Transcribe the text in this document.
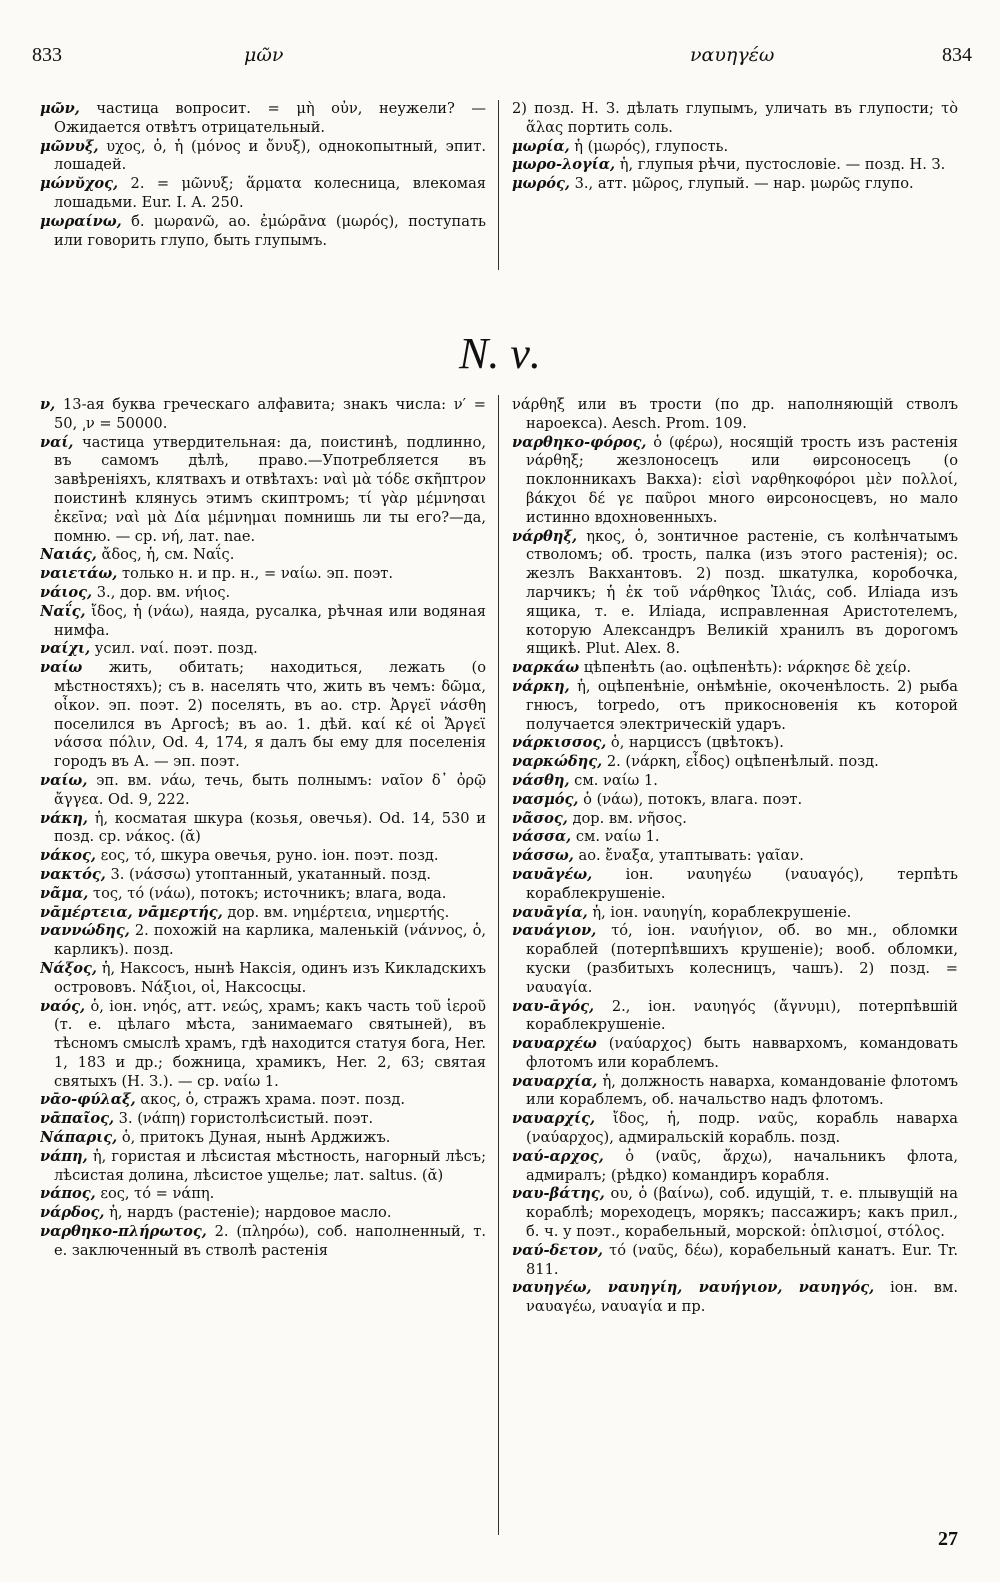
833	μῶν	ναυηγέω	834

μῶν, частица вопросит. = μὴ οὖν, неужели? — Ожидается отвѣтъ отрицательный.

μῶνυξ, υχος, ὁ, ἡ (μόνος и ὄνυξ), однокопытный, эпит. лошадей.

μώνῠχος, 2. = μῶνυξ; ἅρματα колесница, влекомая лошадьми. Eur. I. A. 250.

μωραίνω, б. μωρανῶ, ао. ἐμώρᾱνα (μωρός), поступать или говорить глупо, быть глупымъ.

2) позд. Н. З. дѣлать глупымъ, уличать въ глупости; τὸ ἅλας портить соль.

μωρία, ἡ (μωρός), глупость.

μωρο-λογία, ἡ, глупыя рѣчи, пустословіе. — позд. Н. З.

μωρός, 3., атт. μῶρος, глупый. — нар. μωρῶς глупо.

N. ν.

ν, 13-ая буква греческаго алфавита; знакъ числа: ν′ = 50, ͵ν = 50000.

ναί, частица утвердительная: да, поистинѣ, подлинно, въ самомъ дѣлѣ, право.—Употребляется въ завѣреніяхъ, клятвахъ и отвѣтахъ: ναὶ μὰ τόδε σκῆπτρον поистинѣ клянусь этимъ скиптромъ; τί γὰρ μέμνησαι ἐκεῖνα; ναὶ μὰ Δία μέμνημαι помнишь ли ты его?—да, помню. — ср. νή, лат. nae.

Ναιάς, ἄδος, ἡ, см. Ναΐς.

ναιετάω, только н. и пр. н., = ναίω. эп. поэт.

νάιος, 3., дор. вм. νήιος.

Ναΐς, ἴδος, ἡ (νάω), наяда, русалка, рѣчная или водяная нимфа.

ναίχι, усил. ναί. поэт. позд.

ναίω жить, обитать; находиться, лежать (о мѣстностяхъ); съ в. населять что, жить въ чемъ: δῶμα, οἶκον. эп. поэт. 2) поселять, въ ао. стр. Ἀργεϊ νάσθη поселился въ Аргосѣ; въ ао. 1. дѣй. καί κέ οἱ Ἄργεϊ νάσσα πόλιν, Od. 4, 174, я далъ бы ему для поселенія городъ въ А. — эп. поэт.

ναίω, эп. вм. νάω, течь, быть полнымъ: ναῖον δ᾽ ὀρῷ ἄγγεα. Od. 9, 222.

νάκη, ἡ, косматая шкура (козья, овечья). Od. 14, 530 и позд. ср. νάκος. (ᾰ)

νάκος, εος, τό, шкура овечья, руно. іон. поэт. позд.

νακτός, 3. (νάσσω) утоптанный, укатанный. позд.

νᾶμα, τος, τό (νάω), потокъ; источникъ; влага, вода.

νᾱμέρτεια, νᾱμερτής, дор. вм. νημέρτεια, νημερτής.

ναννώδης, 2. похожій на карлика, маленькій (νάννος, ὁ, карликъ). позд.

Νάξος, ἡ, Наксосъ, нынѣ Наксія, одинъ изъ Кикладскихъ острововъ. Νάξιοι, οἱ, Наксосцы.

ναός, ὁ, іон. νηός, атт. νεώς, храмъ; какъ часть τοῦ ἱεροῦ (т. е. цѣлаго мѣста, занимаемаго святыней), въ тѣсномъ смыслѣ храмъ, гдѣ находится статуя бога, Her. 1, 183 и др.; божница, храмикъ, Her. 2, 63; святая святыхъ (Н. З.). — ср. ναίω 1.

νᾱο-φύλαξ, ακος, ὁ, стражъ храма. поэт. позд.

νᾱπαῖος, 3. (νάπη) гористолѣсистый. поэт.

Νάπαρις, ὁ, притокъ Дуная, нынѣ Арджижъ.

νάπη, ἡ, гористая и лѣсистая мѣстность, нагорный лѣсъ; лѣсистая долина, лѣсистое ущелье; лат. saltus. (ᾰ)

νάπος, εος, τό = νάπη.

νάρδος, ἡ, нардъ (растеніе); нардовое масло.

ναρθηκο-πλήρωτος, 2. (πληρόω), соб. наполненный, т. е. заключенный въ стволѣ растенія

νάρθηξ или въ трости (по др. наполняющій стволъ нароекса). Aesch. Prom. 109.

ναρθηκο-φόρος, ὁ (φέρω), носящій трость изъ растенія νάρθηξ; жезлоносецъ или ѳирсоносецъ (о поклонникахъ Вакха): εἰσὶ ναρθηκοφόροι μὲν πολλοί, βάκχοι δέ γε παῦροι много ѳирсоносцевъ, но мало истинно вдохновенныхъ.

νάρθηξ, ηκος, ὁ, зонтичное растеніе, съ колѣнчатымъ стволомъ; об. трость, палка (изъ этого растенія); ос. жезлъ Вакхантовъ. 2) позд. шкатулка, коробочка, ларчикъ; ἡ ἐκ τοῦ νάρθηκος Ἰλιάς, соб. Иліада изъ ящика, т. е. Иліада, исправленная Аристотелемъ, которую Александръ Великій хранилъ въ дорогомъ ящикѣ. Plut. Alex. 8.

ναρκάω цѣпенѣть (ао. оцѣпенѣть): νάρκησε δὲ χείρ.

νάρκη, ἡ, оцѣпенѣніе, онѣмѣніе, окоченѣлость. 2) рыба гнюсъ, torpedo, отъ прикосновенія къ которой получается электрическій ударъ.

νάρκισσος, ὁ, нарциссъ (цвѣтокъ).

ναρκώδης, 2. (νάρκη, εἶδος) оцѣпенѣлый. позд.

νάσθη, см. ναίω 1.

νασμός, ὁ (νάω), потокъ, влага. поэт.

νᾶσος, дор. вм. νῆσος.

νάσσα, см. ναίω 1.

νάσσω, ао. ἔναξα, утаптывать: γαῖαν.

ναυᾱγέω, іон. ναυηγέω (ναυαγός), терпѣть кораблекрушеніе.

ναυᾱγία, ἡ, іон. ναυηγίη, кораблекрушеніе.

ναυάγιον, τό, іон. ναυήγιον, об. во мн., обломки кораблей (потерпѣвшихъ крушеніе); вооб. обломки, куски (разбитыхъ колесницъ, чашъ). 2) позд. = ναυαγία.

ναυ-ᾱγός, 2., іон. ναυηγός (ἄγνυμι), потерпѣвшій кораблекрушеніе.

ναυαρχέω (ναύαρχος) быть наввархомъ, командовать флотомъ или кораблемъ.

ναυαρχία, ἡ, должность наварха, командованіе флотомъ или кораблемъ, об. начальство надъ флотомъ.

ναυαρχίς, ἴδος, ἡ, подр. ναῦς, корабль наварха (ναύαρχος), адмиральскій корабль. позд.

ναύ-αρχος, ὁ (ναῦς, ἄρχω), начальникъ флота, адмиралъ; (рѣдко) командиръ корабля.

ναυ-βάτης, ου, ὁ (βαίνω), соб. идущій, т. е. плывущій на кораблѣ; мореходецъ, морякъ; пассажиръ; какъ прил., б. ч. у поэт., корабельный, морской: ὁπλισμοί, στόλος.

ναύ-δετον, τό (ναῦς, δέω), корабельный канатъ. Eur. Tr. 811.

ναυηγέω, ναυηγίη, ναυήγιον, ναυηγός, іон. вм. ναυαγέω, ναυαγία и пр.

27
